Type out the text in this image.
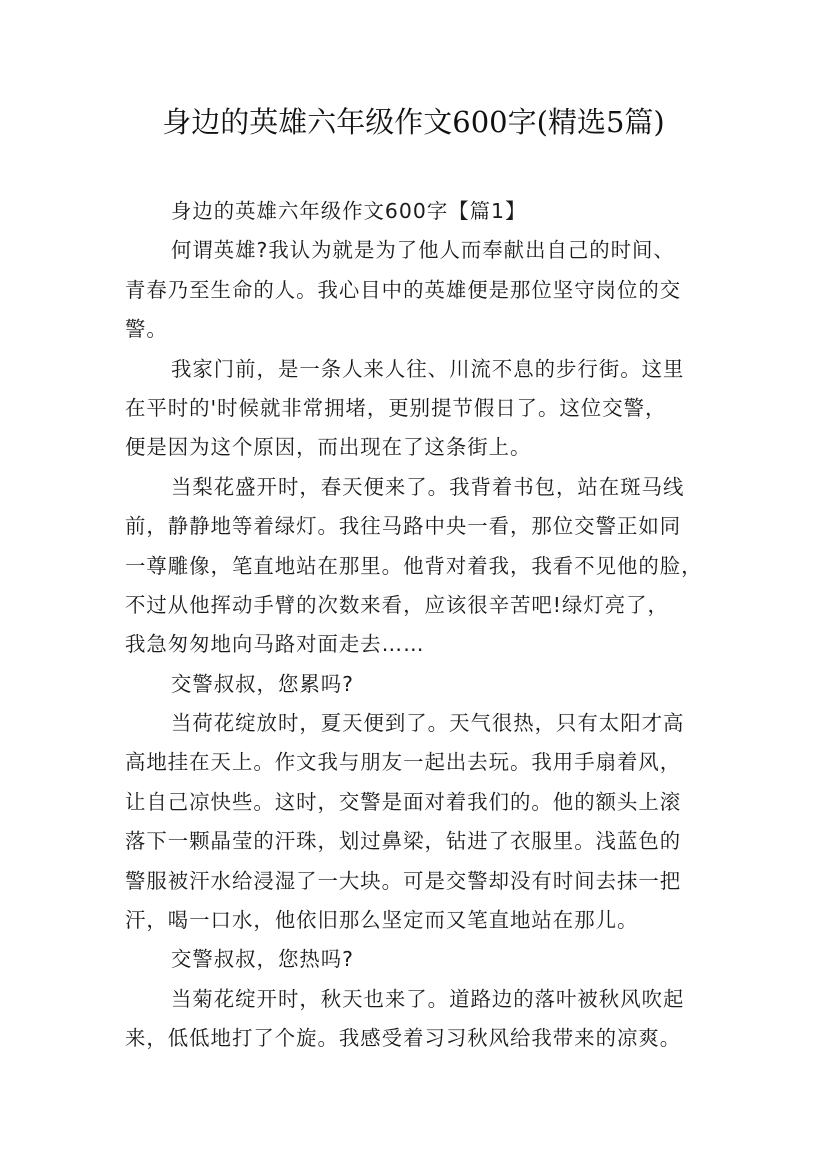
身边的英雄六年级作文600字(精选5篇)
身边的英雄六年级作文600字【篇1】
何谓英雄?我认为就是为了他人而奉献出自己的时间、
青春乃至生命的人。我心目中的英雄便是那位坚守岗位的交
警。
我家门前，是一条人来人往、川流不息的步行街。这里
在平时的'时候就非常拥堵，更别提节假日了。这位交警，
便是因为这个原因，而出现在了这条街上。
当梨花盛开时，春天便来了。我背着书包，站在斑马线
前，静静地等着绿灯。我往马路中央一看，那位交警正如同
一尊雕像，笔直地站在那里。他背对着我，我看不见他的脸，
不过从他挥动手臂的次数来看，应该很辛苦吧!绿灯亮了，
我急匆匆地向马路对面走去……
交警叔叔，您累吗?
当荷花绽放时，夏天便到了。天气很热，只有太阳才高
高地挂在天上。作文我与朋友一起出去玩。我用手扇着风，
让自己凉快些。这时，交警是面对着我们的。他的额头上滚
落下一颗晶莹的汗珠，划过鼻梁，钻进了衣服里。浅蓝色的
警服被汗水给浸湿了一大块。可是交警却没有时间去抹一把
汗，喝一口水，他依旧那么坚定而又笔直地站在那儿。
交警叔叔，您热吗?
当菊花绽开时，秋天也来了。道路边的落叶被秋风吹起
来，低低地打了个旋。我感受着习习秋风给我带来的凉爽。
